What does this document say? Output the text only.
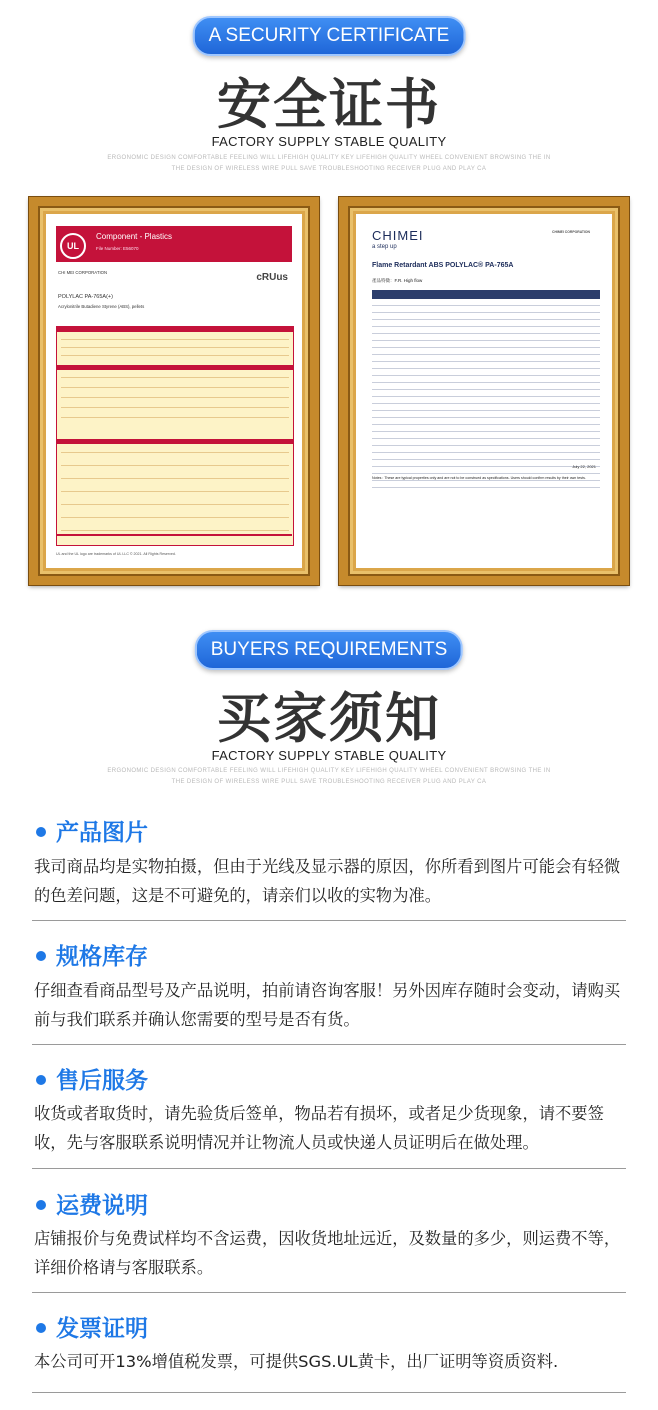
A SECURITY CERTIFICATE
安全证书
FACTORY SUPPLY STABLE QUALITY
ERGONOMIC DESIGN COMFORTABLE FEELING WILL LIFEHIGH QUALITY KEY LIFEHIGH QUALITY WHEEL CONVENIENT BROWSING THE IN
THE DESIGN OF WIRELESS WIRE PULL SAVE TROUBLESHOOTING RECEIVER PLUG AND PLAY CA
UL
Component - Plastics
File Number: E56070
cRUus
CHI MEI CORPORATION
POLYLAC PA-765A(+)
Acrylonitrile Butadiene Styrene (ABS), pellets
UL and the UL logo are trademarks of UL LLC © 2021. All Rights Reserved.
CHIMEI
a step up
CHIMEI CORPORATION
Flame Retardant ABS POLYLAC® PA-765A
產品特徵：F.R. High flow
July 22, 2021
Notes : These are typical properties only and are not to be construed as specifications. Users should confirm results by their own tests.
BUYERS REQUIREMENTS
买家须知
FACTORY SUPPLY STABLE QUALITY
ERGONOMIC DESIGN COMFORTABLE FEELING WILL LIFEHIGH QUALITY KEY LIFEHIGH QUALITY WHEEL CONVENIENT BROWSING THE IN
THE DESIGN OF WIRELESS WIRE PULL SAVE TROUBLESHOOTING RECEIVER PLUG AND PLAY CA
产品图片
我司商品均是实物拍摄，但由于光线及显示器的原因，你所看到图片可能会有轻微的色差问题，这是不可避免的，请亲们以收的实物为准。
规格库存
仔细查看商品型号及产品说明，拍前请咨询客服！另外因库存随时会变动，请购买前与我们联系并确认您需要的型号是否有货。
售后服务
收货或者取货时，请先验货后签单，物品若有损坏，或者足少货现象，请不要签收，先与客服联系说明情况并让物流人员或快递人员证明后在做处理。
运费说明
店铺报价与免费试样均不含运费，因收货地址远近，及数量的多少，则运费不等，详细价格请与客服联系。
发票证明
本公司可开13%增值税发票，可提供SGS.UL黄卡，出厂证明等资质资料.
